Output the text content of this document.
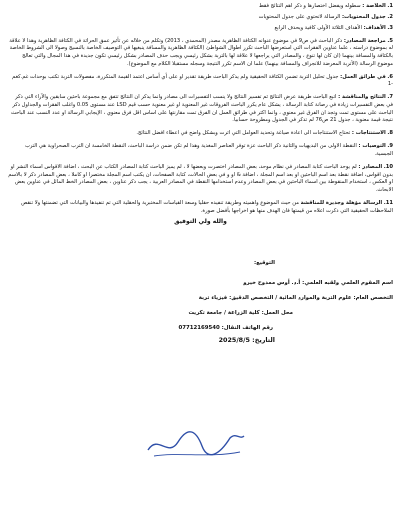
1. الخلاصة : سطوله ويفضل اختصارها و ذكر اهم النتائج فقط
2. جدول المحتويات: الرسالة لاتحتوي على جدول المحتويات
3. الأهداف: الأهداف الثلاثة الأولى كافية ويحذف الرابع
5. مراجعة المصادر: ذكر الباحث في ص9 في موضوع عنوانه الكثافة الظاهرية مصدر (المحمدي ، 2013) وتكلم من خلاله عن تأثير عمق الحراثة في الكثافة الظاهرية وهذا لا علاقة له بموضوع دراسته ، علما عناوين الفقرات التي استعرضها الباحث تكرر اطوال الشواطئ (الكثافة الظاهرية والمسافة ينبغيها في التوصيف الخاصة بالنسيج وصولا الى الشروط الخاصة بالكثافة والمسافة بينهما (ان كان لها تنوع ، والمصادر التي يراجعها لا علاقة لها بالتربة بشكل رئيسي ويجب حذف المصادر بشكل رئيسي تكون جديدة في هذا المجال والتي تعالج موضوع الرسالة (الأتربة المعرضة للانجراف والمسافة بينهما) علما ان الاسم تكرر النتيجة وسجله مستقبلا الكلام مع الموضوع).
6. في طرائق العمل: جدول تحليل التربة تضمن الكثافة الحقيقية ولم يذكر الباحث طريقة تقدير او على أي أساس اعتمد القيمة المتكررة، مفصولات التربة تكتب بوحدات غم.كغم -1
7. النتائج والمناقشة : اتبع الباحث طريقة عرض النتائج ثم تفسير النتائج ولا ينسب التفسيرات الى مصادر وانما يذكر ان النتائج تتفق مع مجموعة باحثين سابقين والآراء التي ذكر في بعض التفسيرات زيادة في رصانة كتابة الرسالة ، يشكل عام يكرر الباحث الفروقات غير المعنوية او غير معنوية حسب قيم LSD عند مستوى 0.05 واغلب الفقرات والجداول ذكر الباحث على مستوى تمت وتجد ان الفرق غير معنوي ، وانما اكثر في طرائق العمل ان الفرق تمت مقارنتها على اساس اقل فرق معنوي ، الإيجابي الرسالة او عدد النسب عند الباحث نتيجة قيمة معنوية ، جدول 21 ص76 لم تذكر في الجدول ومطروحة حسابيا.
8. الاستنتاجات : تحتاج الاستنتاجات الى اعادة صياغة وتحديد العوامل التي اثرت وبشكل واضح في اعطاء افضل النتائج.
9. التوصيات : النقطة الاولى من البديهيات والثانية ذكر الباحث عزة توفر العناصر المغذية وهذا لم تكن ضمن دراسة الباحث، النقطة الخامسة ان الترب الصحراوية هي الترب الجبسية.
10. المصادر : لم يوحد الباحث كتابة المصادر في نظام موحد، بعض المصادر اختصرت وبعضها لا ، لم يميز الباحث كتابة المصادر الكتاب عن البحث ، اضافة الاقواس اسماء النشر او بدون اقواس، اضافة نقطة بعد اسم الباحثين او بعد اسم المجلة ، اضافة & او و في بعض الحالات، كتابة الصفحات، ان يكتب اسم المجلة مختصرا او كاملا ، بعض المصادر ذكر لا بالاسم او العكس ، استخدام المنقوطة بين اسماء الباحثين في بعض المصادر وعدم استخدامها النقطة في المصادر العربية ، يجب ذكر عناوين ، بعض المصادر الخط المائل في عناوين بعض الابحاث.
11. الرسالة مؤهلة وجديرة للمناقشة من حيث الموضوع واهميته وطريقة تنفيذه حقليا وسعة القياسات المختبرية والحقلية التي تم تنفيذها والبيانات التي تضمنتها ولا تنقص الملاحظات الحقيقية التي ذكرت اعلاه من قيمتها فان الهدف منها هو اخراجها بأفضل صورة.
والله ولي التوفيق
التوقيع:
اسم المقوم العلمي ولقبه العلمي: أ.د. أوس ممدوح خيرو
التخصص العام: علوم التربة والموارد المائية / التخصص الدقيق: فيزياء تربة
محل العمل: كلية الزراعة / جامعة تكريت
رقم الهاتف النقال: 07712169540
التاريخ: 2025/8/5
